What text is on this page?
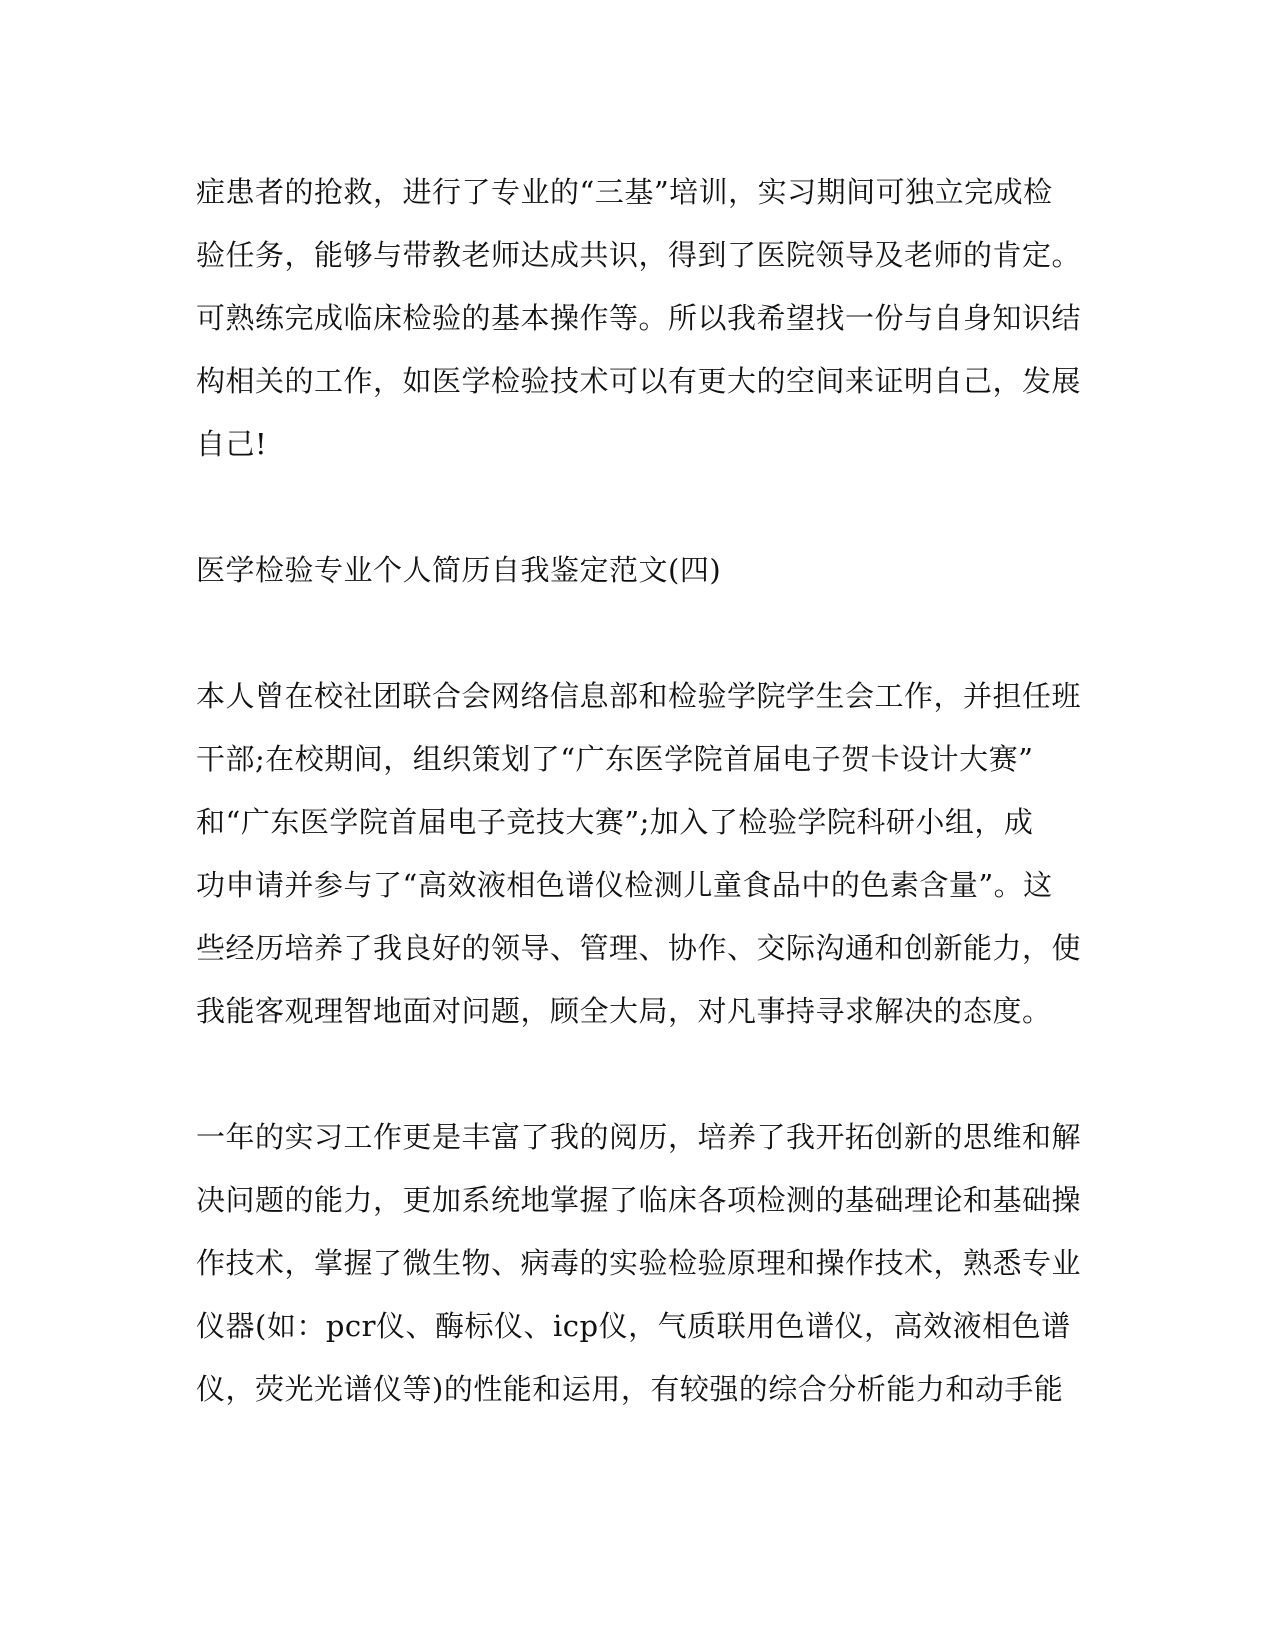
症患者的抢救，进行了专业的“三基”培训，实习期间可独立完成检
验任务，能够与带教老师达成共识，得到了医院领导及老师的肯定。
可熟练完成临床检验的基本操作等。所以我希望找一份与自身知识结
构相关的工作，如医学检验技术可以有更大的空间来证明自己，发展
自己!
医学检验专业个人简历自我鉴定范文(四)
本人曾在校社团联合会网络信息部和检验学院学生会工作，并担任班
干部;在校期间，组织策划了“广东医学院首届电子贺卡设计大赛”
和“广东医学院首届电子竞技大赛”;加入了检验学院科研小组，成
功申请并参与了“高效液相色谱仪检测儿童食品中的色素含量”。这
些经历培养了我良好的领导、管理、协作、交际沟通和创新能力，使
我能客观理智地面对问题，顾全大局，对凡事持寻求解决的态度。
一年的实习工作更是丰富了我的阅历，培养了我开拓创新的思维和解
决问题的能力，更加系统地掌握了临床各项检测的基础理论和基础操
作技术，掌握了微生物、病毒的实验检验原理和操作技术，熟悉专业
仪器(如：pcr仪、酶标仪、icp仪，气质联用色谱仪，高效液相色谱
仪，荧光光谱仪等)的性能和运用，有较强的综合分析能力和动手能
